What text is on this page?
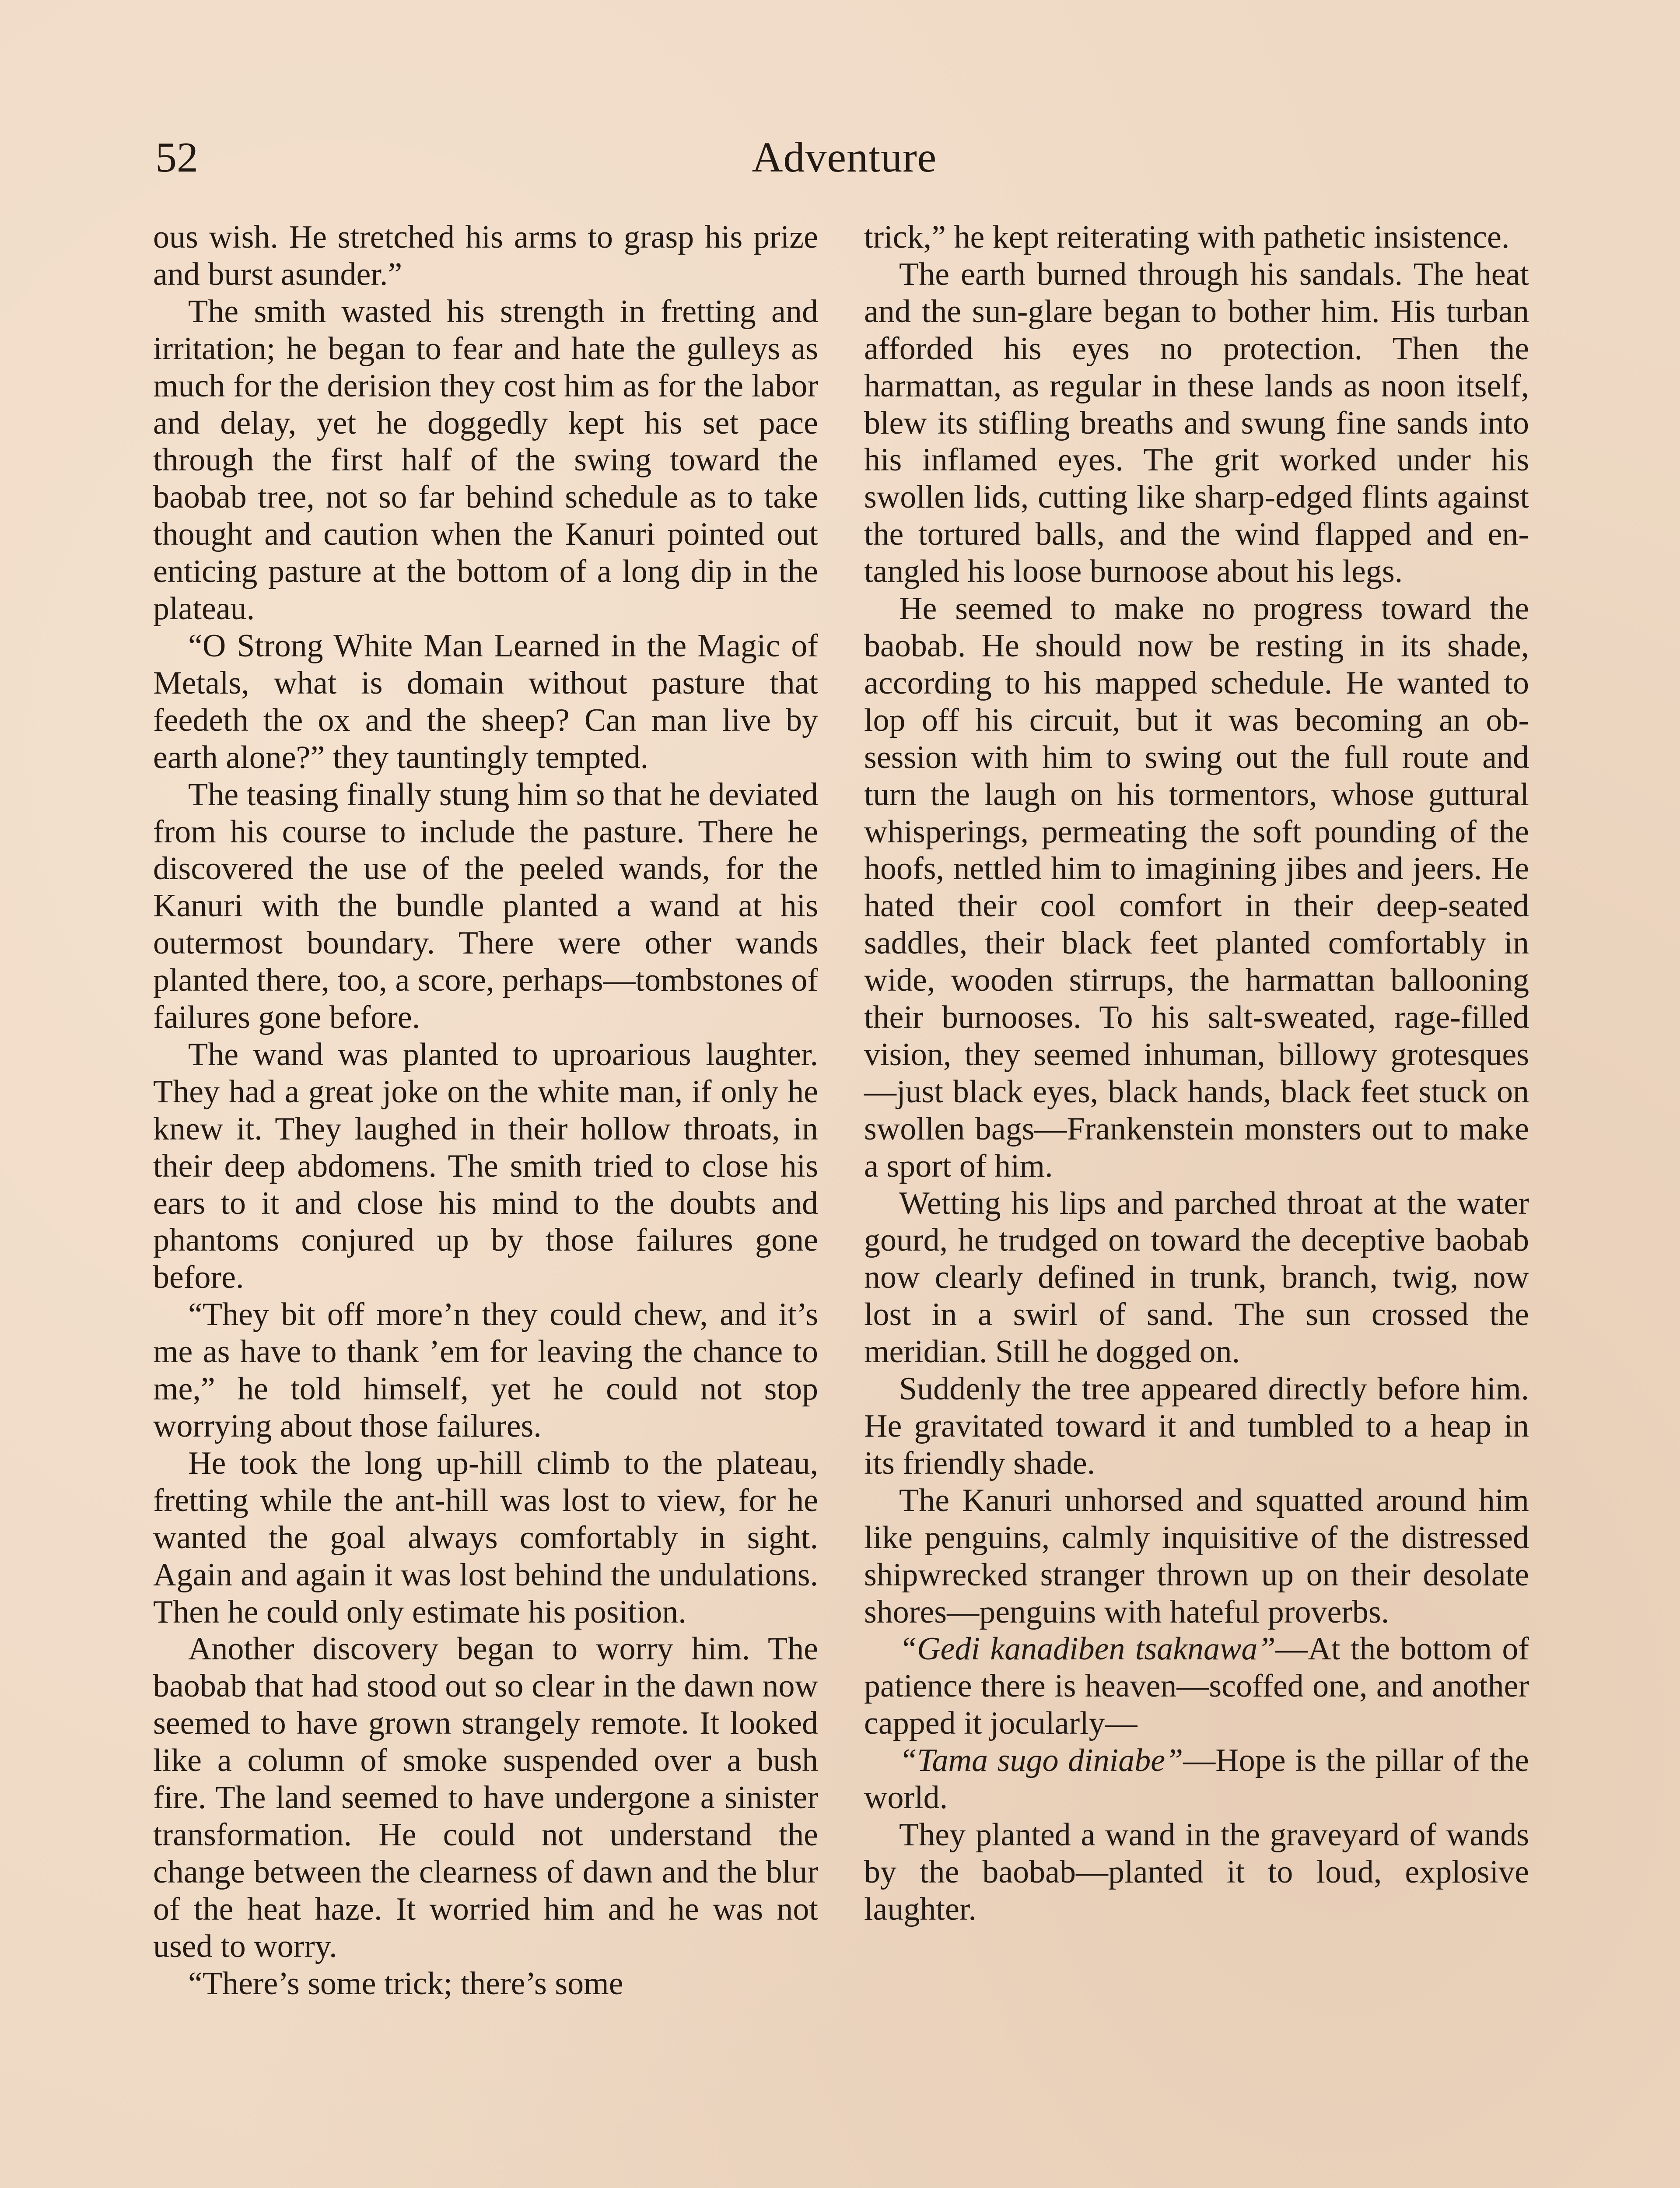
52	Adventure

ous wish. He stretched his arms to grasp his prize and burst asunder.”

The smith wasted his strength in fretting and irritation; he began to fear and hate the gulleys as much for the derision they cost him as for the labor and delay, yet he doggedly kept his set pace through the first half of the swing toward the baobab tree, not so far behind schedule as to take thought and caution when the Kanuri pointed out enticing pasture at the bottom of a long dip in the plateau.

“O Strong White Man Learned in the Magic of Metals, what is domain without pasture that feedeth the ox and the sheep? Can man live by earth alone?” they tauntingly tempted.

The teasing finally stung him so that he deviated from his course to include the pasture. There he discovered the use of the peeled wands, for the Kanuri with the bundle planted a wand at his outermost boundary. There were other wands planted there, too, a score, perhaps—tombstones of failures gone before.

The wand was planted to uproarious laughter. They had a great joke on the white man, if only he knew it. They laughed in their hollow throats, in their deep abdomens. The smith tried to close his ears to it and close his mind to the doubts and phantoms conjured up by those failures gone before.

“They bit off more’n they could chew, and it’s me as have to thank ’em for leaving the chance to me,” he told himself, yet he could not stop worrying about those failures.

He took the long up-hill climb to the plateau, fretting while the ant-hill was lost to view, for he wanted the goal always comfortably in sight. Again and again it was lost behind the undulations. Then he could only estimate his position.

Another discovery began to worry him. The baobab that had stood out so clear in the dawn now seemed to have grown strangely remote. It looked like a column of smoke suspended over a bush fire. The land seemed to have undergone a sinister transformation. He could not understand the change between the clearness of dawn and the blur of the heat haze. It worried him and he was not used to worry.

“There’s some trick; there’s some

trick,” he kept reiterating with pathetic insistence.

The earth burned through his sandals. The heat and the sun-glare began to bother him. His turban afforded his eyes no protection. Then the harmattan, as regular in these lands as noon itself, blew its stifling breaths and swung fine sands into his inflamed eyes. The grit worked under his swollen lids, cutting like sharp-edged flints against the tortured balls, and the wind flapped and entangled his loose burnoose about his legs.

He seemed to make no progress toward the baobab. He should now be resting in its shade, according to his mapped schedule. He wanted to lop off his circuit, but it was becoming an obsession with him to swing out the full route and turn the laugh on his tormentors, whose guttural whisperings, permeating the soft pounding of the hoofs, nettled him to imagining jibes and jeers. He hated their cool comfort in their deep-seated saddles, their black feet planted comfortably in wide, wooden stirrups, the harmattan ballooning their burnooses. To his salt-sweated, rage-filled vision, they seemed inhuman, billowy grotesques—just black eyes, black hands, black feet stuck on swollen bags—Frankenstein monsters out to make a sport of him.

Wetting his lips and parched throat at the water gourd, he trudged on toward the deceptive baobab now clearly defined in trunk, branch, twig, now lost in a swirl of sand. The sun crossed the meridian. Still he dogged on.

Suddenly the tree appeared directly before him. He gravitated toward it and tumbled to a heap in its friendly shade.

The Kanuri unhorsed and squatted around him like penguins, calmly inquisitive of the distressed shipwrecked stranger thrown up on their desolate shores—penguins with hateful proverbs.

“Gedi kanadiben tsaknawa”—At the bottom of patience there is heaven—scoffed one, and another capped it jocularly—

“Tama sugo diniabe”—Hope is the pillar of the world.

They planted a wand in the graveyard of wands by the baobab—planted it to loud, explosive laughter.
